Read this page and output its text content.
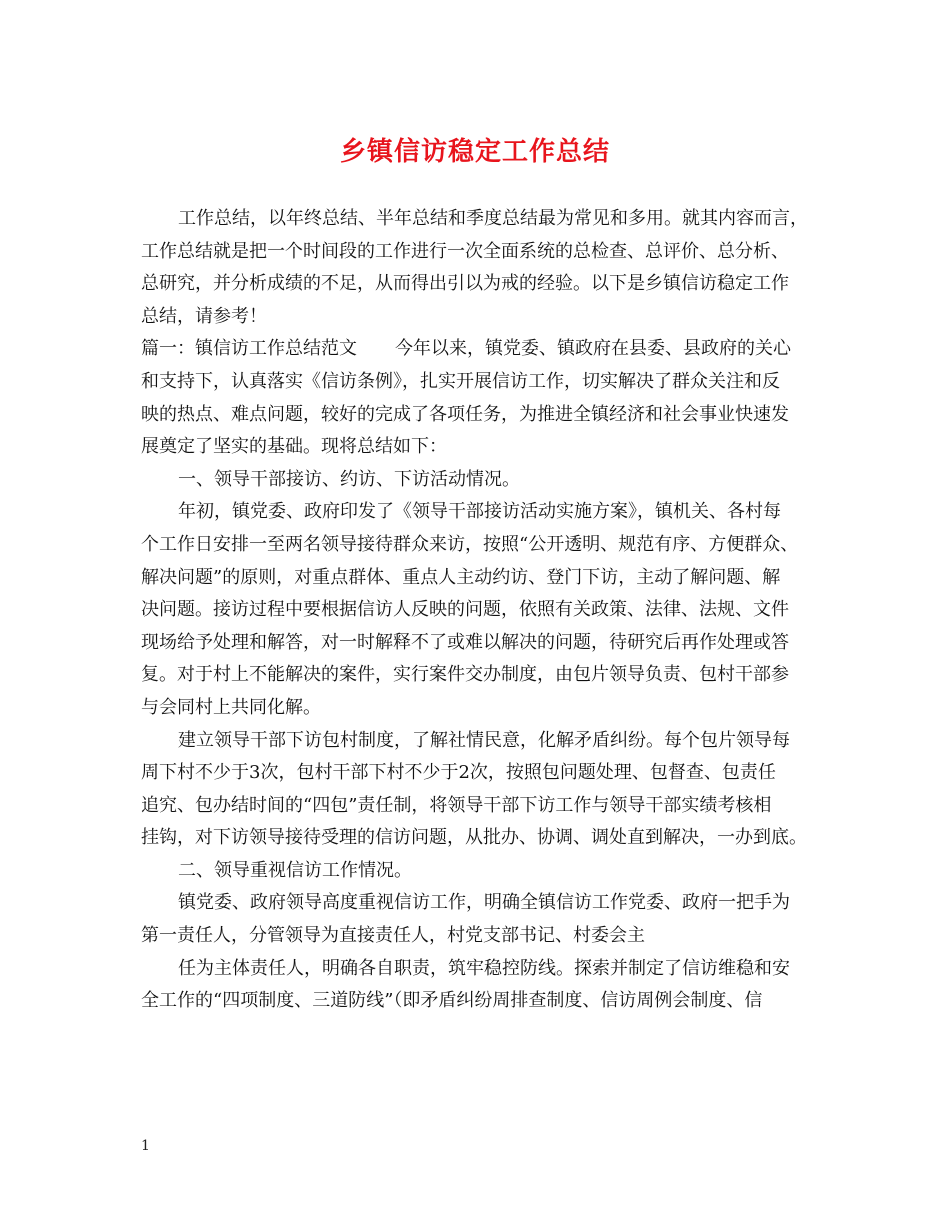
乡镇信访稳定工作总结
工作总结，以年终总结、半年总结和季度总结最为常见和多用。就其内容而言，
工作总结就是把一个时间段的工作进行一次全面系统的总检查、总评价、总分析、
总研究，并分析成绩的不足，从而得出引以为戒的经验。以下是乡镇信访稳定工作
总结，请参考！
篇一：镇信访工作总结范文 今年以来，镇党委、镇政府在县委、县政府的关心
和支持下，认真落实《信访条例》，扎实开展信访工作，切实解决了群众关注和反
映的热点、难点问题，较好的完成了各项任务，为推进全镇经济和社会事业快速发
展奠定了坚实的基础。现将总结如下：
一、领导干部接访、约访、下访活动情况。
年初，镇党委、政府印发了《领导干部接访活动实施方案》，镇机关、各村每
个工作日安排一至两名领导接待群众来访，按照“公开透明、规范有序、方便群众、
解决问题”的原则，对重点群体、重点人主动约访、登门下访，主动了解问题、解
决问题。接访过程中要根据信访人反映的问题，依照有关政策、法律、法规、文件
现场给予处理和解答，对一时解释不了或难以解决的问题，待研究后再作处理或答
复。对于村上不能解决的案件，实行案件交办制度，由包片领导负责、包村干部参
与会同村上共同化解。
建立领导干部下访包村制度，了解社情民意，化解矛盾纠纷。每个包片领导每
周下村不少于3次，包村干部下村不少于2次，按照包问题处理、包督查、包责任
追究、包办结时间的“四包”责任制，将领导干部下访工作与领导干部实绩考核相
挂钩，对下访领导接待受理的信访问题，从批办、协调、调处直到解决，一办到底。
二、领导重视信访工作情况。
镇党委、政府领导高度重视信访工作，明确全镇信访工作党委、政府一把手为
第一责任人，分管领导为直接责任人，村党支部书记、村委会主
任为主体责任人，明确各自职责，筑牢稳控防线。探索并制定了信访维稳和安
全工作的“四项制度、三道防线”（即矛盾纠纷周排查制度、信访周例会制度、信
1
